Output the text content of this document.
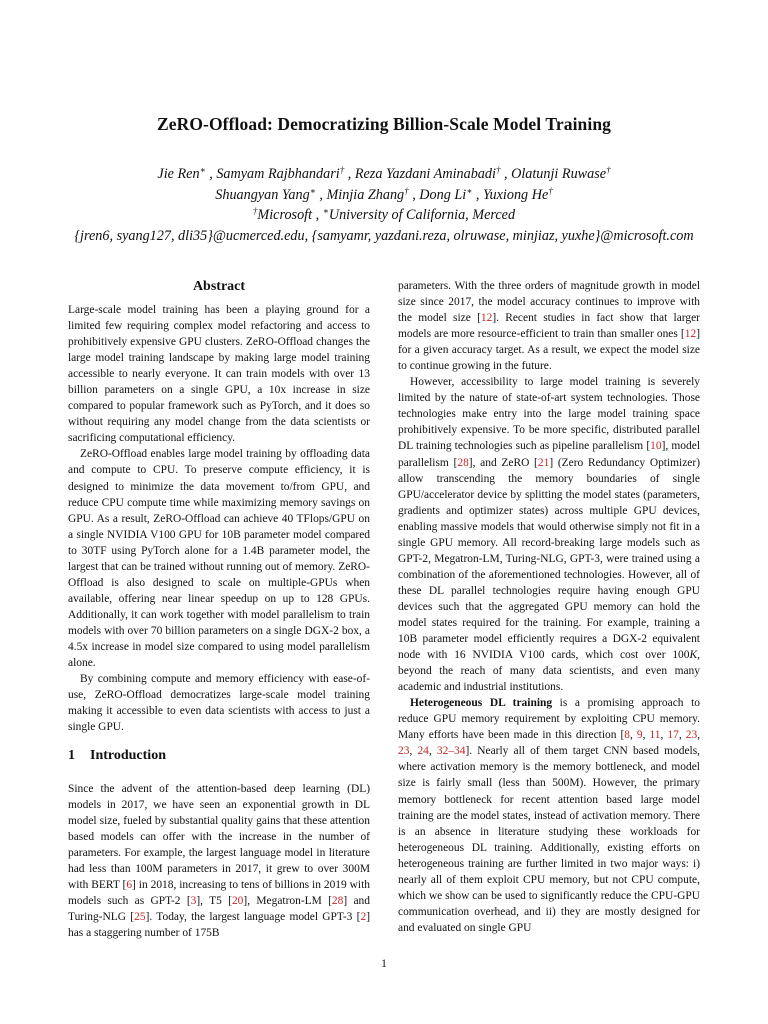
ZeRO-Offload: Democratizing Billion-Scale Model Training
Jie Ren∗ , Samyam Rajbhandari† , Reza Yazdani Aminabadi† , Olatunji Ruwase†
Shuangyan Yang∗ , Minjia Zhang† , Dong Li∗ , Yuxiong He†
†Microsoft , ∗University of California, Merced
{jren6, syang127, dli35}@ucmerced.edu, {samyamr, yazdani.reza, olruwase, minjiaz, yuxhe}@microsoft.com
Abstract

Large-scale model training has been a playing ground for a limited few requiring complex model refactoring and access to prohibitively expensive GPU clusters. ZeRO-Offload changes the large model training landscape by making large model training accessible to nearly everyone. It can train models with over 13 billion parameters on a single GPU, a 10x increase in size compared to popular framework such as PyTorch, and it does so without requiring any model change from the data scientists or sacrificing computational efficiency.

ZeRO-Offload enables large model training by offloading data and compute to CPU. To preserve compute efficiency, it is designed to minimize the data movement to/from GPU, and reduce CPU compute time while maximizing memory savings on GPU. As a result, ZeRO-Offload can achieve 40 TFlops/GPU on a single NVIDIA V100 GPU for 10B parameter model compared to 30TF using PyTorch alone for a 1.4B parameter model, the largest that can be trained without running out of memory. ZeRO-Offload is also designed to scale on multiple-GPUs when available, offering near linear speedup on up to 128 GPUs. Additionally, it can work together with model parallelism to train models with over 70 billion parameters on a single DGX-2 box, a 4.5x increase in model size compared to using model parallelism alone.

By combining compute and memory efficiency with ease-of-use, ZeRO-Offload democratizes large-scale model training making it accessible to even data scientists with access to just a single GPU.

1 Introduction

Since the advent of the attention-based deep learning (DL) models in 2017, we have seen an exponential growth in DL model size, fueled by substantial quality gains that these attention based models can offer with the increase in the number of parameters. For example, the largest language model in literature had less than 100M parameters in 2017, it grew to over 300M with BERT [6] in 2018, increasing to tens of billions in 2019 with models such as GPT-2 [3], T5 [20], Megatron-LM [28] and Turing-NLG [25]. Today, the largest language model GPT-3 [2] has a staggering number of 175B

parameters. With the three orders of magnitude growth in model size since 2017, the model accuracy continues to improve with the model size [12]. Recent studies in fact show that larger models are more resource-efficient to train than smaller ones [12] for a given accuracy target. As a result, we expect the model size to continue growing in the future.

However, accessibility to large model training is severely limited by the nature of state-of-art system technologies. Those technologies make entry into the large model training space prohibitively expensive. To be more specific, distributed parallel DL training technologies such as pipeline parallelism [10], model parallelism [28], and ZeRO [21] (Zero Redundancy Optimizer) allow transcending the memory boundaries of single GPU/accelerator device by splitting the model states (parameters, gradients and optimizer states) across multiple GPU devices, enabling massive models that would otherwise simply not fit in a single GPU memory. All record-breaking large models such as GPT-2, Megatron-LM, Turing-NLG, GPT-3, were trained using a combination of the aforementioned technologies. However, all of these DL parallel technologies require having enough GPU devices such that the aggregated GPU memory can hold the model states required for the training. For example, training a 10B parameter model efficiently requires a DGX-2 equivalent node with 16 NVIDIA V100 cards, which cost over 100K, beyond the reach of many data scientists, and even many academic and industrial institutions.

Heterogeneous DL training is a promising approach to reduce GPU memory requirement by exploiting CPU memory. Many efforts have been made in this direction [8, 9, 11, 17, 23, 23, 24, 32–34]. Nearly all of them target CNN based models, where activation memory is the memory bottleneck, and model size is fairly small (less than 500M). However, the primary memory bottleneck for recent attention based large model training are the model states, instead of activation memory. There is an absence in literature studying these workloads for heterogeneous DL training. Additionally, existing efforts on heterogeneous training are further limited in two major ways: i) nearly all of them exploit CPU memory, but not CPU compute, which we show can be used to significantly reduce the CPU-GPU communication overhead, and ii) they are mostly designed for and evaluated on single GPU

1
